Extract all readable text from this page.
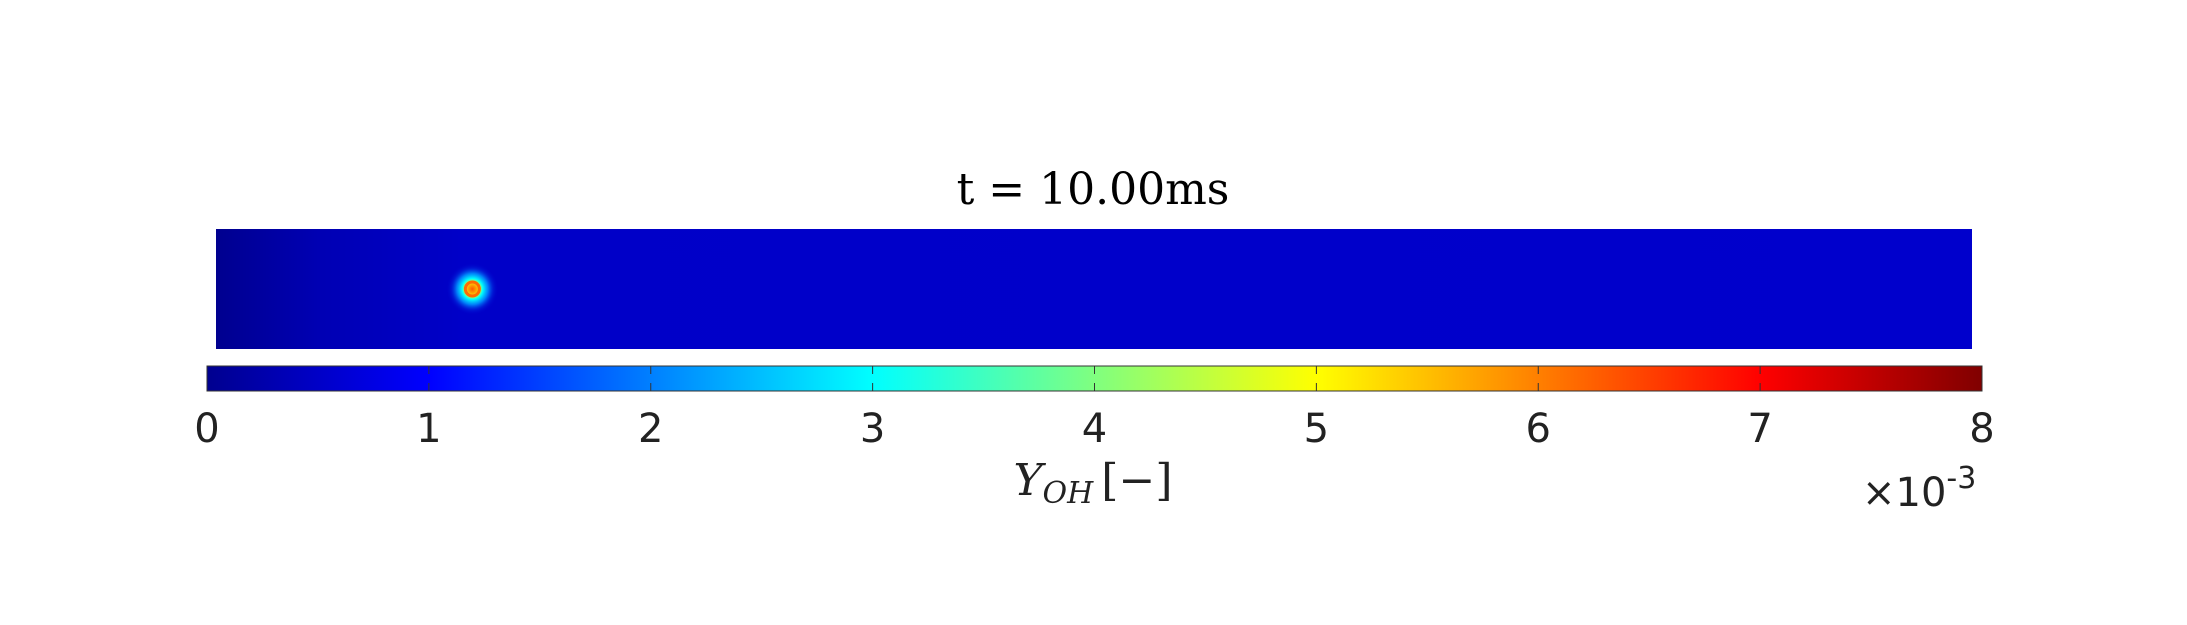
t = 10.00ms
0	1	2	3	4	5	6	7	8
YOH [−]	$\times 10^{-3}$
